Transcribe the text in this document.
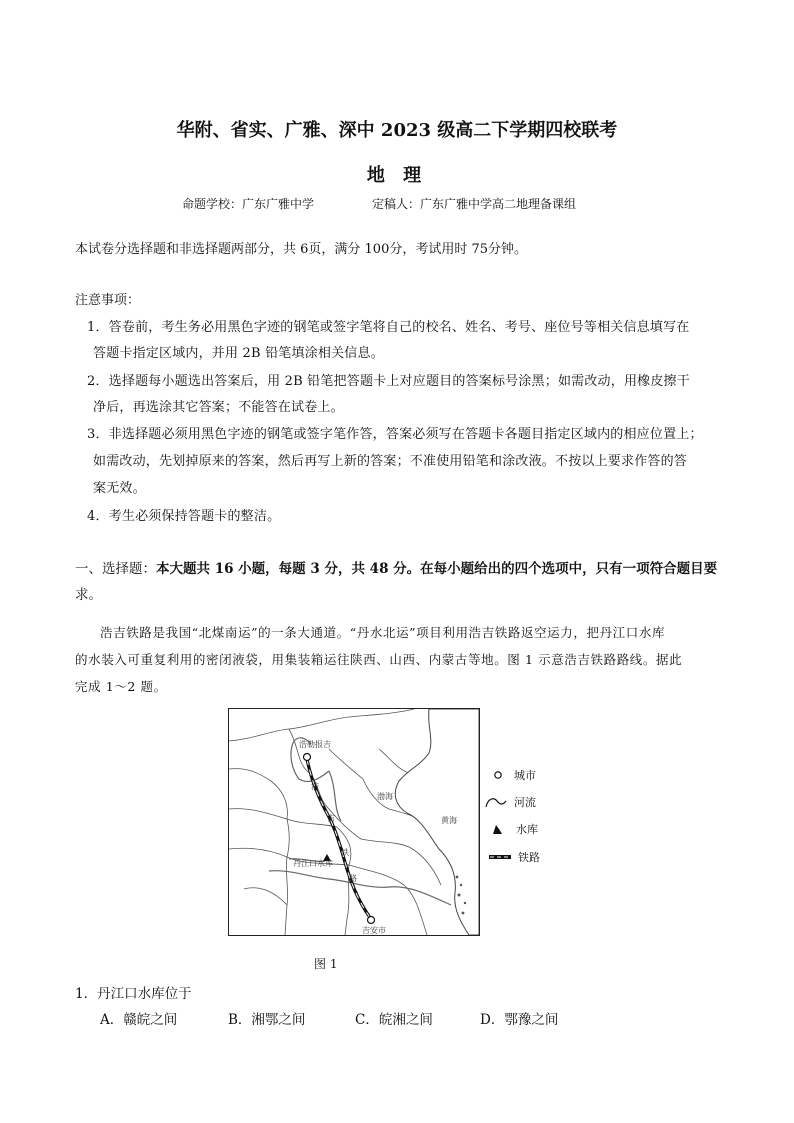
华附、省实、广雅、深中 2023 级高二下学期四校联考
地 理
命题学校：广东广雅中学	定稿人：广东广雅中学高二地理备课组
本试卷分选择题和非选择题两部分，共 6页，满分 100分，考试用时 75分钟。
注意事项：
1．答卷前，考生务必用黑色字迹的钢笔或签字笔将自己的校名、姓名、考号、座位号等相关信息填写在
答题卡指定区域内，并用 2B 铅笔填涂相关信息。
2．选择题每小题选出答案后，用 2B 铅笔把答题卡上对应题目的答案标号涂黑；如需改动，用橡皮擦干
净后，再选涂其它答案；不能答在试卷上。
3．非选择题必须用黑色字迹的钢笔或签字笔作答，答案必须写在答题卡各题目指定区域内的相应位置上；
如需改动，先划掉原来的答案，然后再写上新的答案；不准使用铅笔和涂改液。不按以上要求作答的答
案无效。
4．考生必须保持答题卡的整洁。
一、选择题：本大题共 16 小题，每题 3 分，共 48 分。在每小题给出的四个选项中，只有一项符合题目要
求。
浩吉铁路是我国“北煤南运”的一条大通道。“丹水北运”项目利用浩吉铁路返空运力，把丹江口水库
的水装入可重复利用的密闭液袋，用集装箱运往陕西、山西、内蒙古等地。图 1 示意浩吉铁路路线。据此
完成 1～2 题。
浩勒报吉
吉安市
丹江口水库
渤海
黄海
浩
吉
铁
路
城市
河流
水库
铁路
图 1
1．丹江口水库位于
A．赣皖之间	B．湘鄂之间	C．皖湘之间	D．鄂豫之间
